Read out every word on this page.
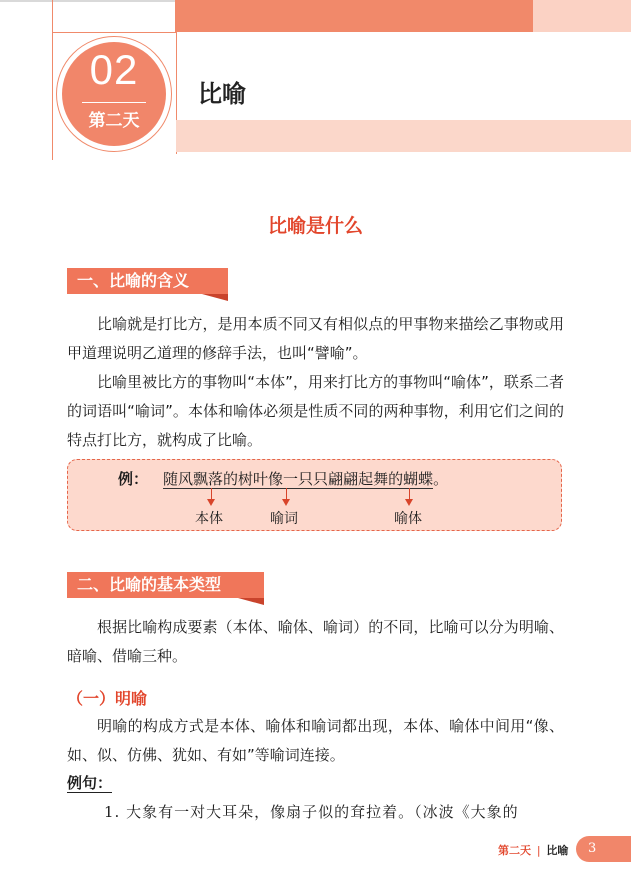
02
第二天
比喻
比喻是什么
一、比喻的含义

比喻就是打比方，是用本质不同又有相似点的甲事物来描绘乙事物或用甲道理说明乙道理的修辞手法，也叫“譬喻”。

比喻里被比方的事物叫“本体”，用来打比方的事物叫“喻体”，联系二者的词语叫“喻词”。本体和喻体必须是性质不同的两种事物，利用它们之间的特点打比方，就构成了比喻。

例： 随风飘落的树叶像一只只翩翩起舞的蝴蝶。
本体	喻词	喻体
二、比喻的基本类型

根据比喻构成要素（本体、喻体、喻词）的不同，比喻可以分为明喻、暗喻、借喻三种。

（一）明喻

明喻的构成方式是本体、喻体和喻词都出现，本体、喻体中间用“像、如、似、仿佛、犹如、有如”等喻词连接。

例句：
1. 大象有一对大耳朵，像扇子似的耷拉着。（冰波《大象的
第二天 | 比喻	3
